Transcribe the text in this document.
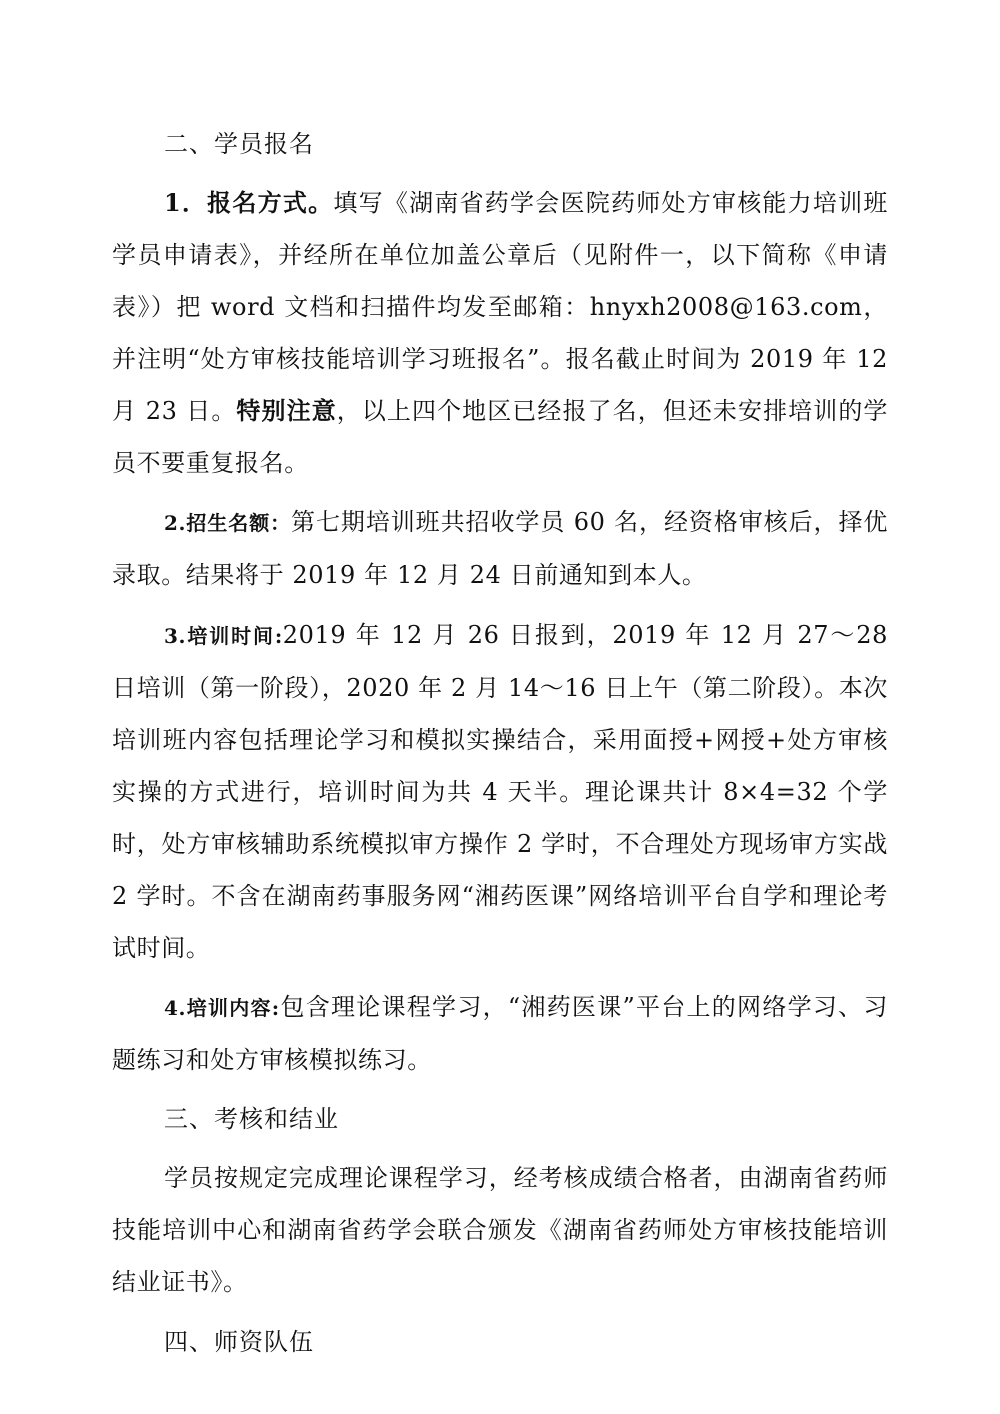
二、学员报名

1．报名方式。填写《湖南省药学会医院药师处方审核能力培训班学员申请表》，并经所在单位加盖公章后（见附件一，以下简称《申请表》）把 word 文档和扫描件均发至邮箱：hnyxh2008@163.com，并注明“处方审核技能培训学习班报名”。报名截止时间为 2019 年 12 月 23 日。特别注意，以上四个地区已经报了名，但还未安排培训的学员不要重复报名。

2.招生名额：第七期培训班共招收学员 60 名，经资格审核后，择优录取。结果将于 2019 年 12 月 24 日前通知到本人。

3.培训时间:2019 年 12 月 26 日报到，2019 年 12 月 27～28 日培训（第一阶段），2020 年 2 月 14～16 日上午（第二阶段）。本次培训班内容包括理论学习和模拟实操结合，采用面授+网授+处方审核实操的方式进行，培训时间为共 4 天半。理论课共计 8×4=32 个学时，处方审核辅助系统模拟审方操作 2 学时，不合理处方现场审方实战 2 学时。不含在湖南药事服务网“湘药医课”网络培训平台自学和理论考试时间。

4.培训内容:包含理论课程学习，“湘药医课”平台上的网络学习、习题练习和处方审核模拟练习。

三、考核和结业

学员按规定完成理论课程学习，经考核成绩合格者，由湖南省药师技能培训中心和湖南省药学会联合颁发《湖南省药师处方审核技能培训结业证书》。

四、师资队伍
